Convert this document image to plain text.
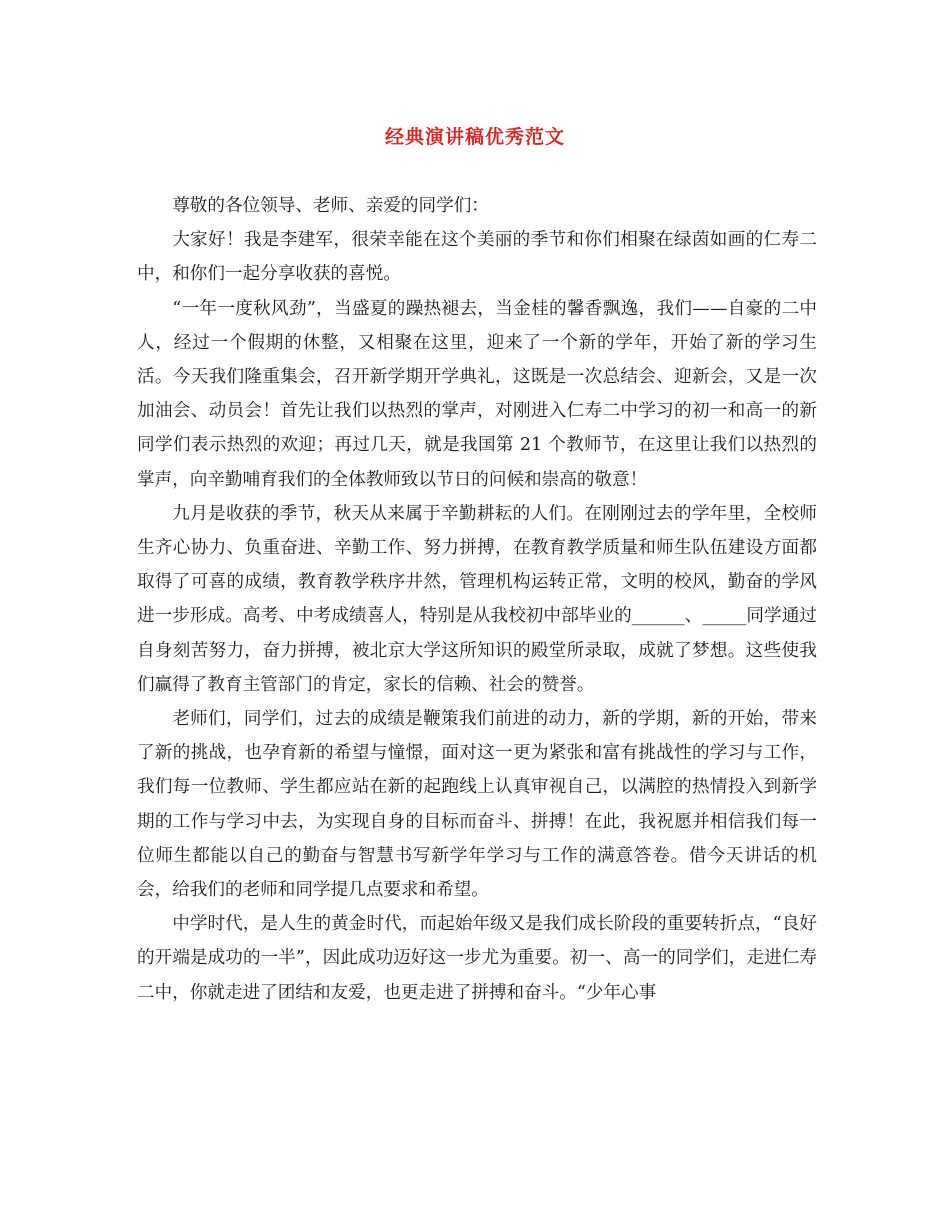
经典演讲稿优秀范文

尊敬的各位领导、老师、亲爱的同学们：

大家好！我是李建军，很荣幸能在这个美丽的季节和你们相聚在绿茵如画的仁寿二中，和你们一起分享收获的喜悦。

“一年一度秋风劲”，当盛夏的躁热褪去，当金桂的馨香飘逸，我们——自豪的二中人，经过一个假期的休整，又相聚在这里，迎来了一个新的学年，开始了新的学习生活。今天我们隆重集会，召开新学期开学典礼，这既是一次总结会、迎新会，又是一次加油会、动员会！首先让我们以热烈的掌声，对刚进入仁寿二中学习的初一和高一的新同学们表示热烈的欢迎；再过几天，就是我国第 21 个教师节，在这里让我们以热烈的掌声，向辛勤哺育我们的全体教师致以节日的问候和崇高的敬意！

九月是收获的季节，秋天从来属于辛勤耕耘的人们。在刚刚过去的学年里，全校师生齐心协力、负重奋进、辛勤工作、努力拼搏，在教育教学质量和师生队伍建设方面都取得了可喜的成绩，教育教学秩序井然，管理机构运转正常，文明的校风，勤奋的学风进一步形成。高考、中考成绩喜人，特别是从我校初中部毕业的______、_____同学通过自身刻苦努力，奋力拼搏，被北京大学这所知识的殿堂所录取，成就了梦想。这些使我们赢得了教育主管部门的肯定，家长的信赖、社会的赞誉。

老师们，同学们，过去的成绩是鞭策我们前进的动力，新的学期，新的开始，带来了新的挑战，也孕育新的希望与憧憬，面对这一更为紧张和富有挑战性的学习与工作，我们每一位教师、学生都应站在新的起跑线上认真审视自己，以满腔的热情投入到新学期的工作与学习中去，为实现自身的目标而奋斗、拼搏！在此，我祝愿并相信我们每一位师生都能以自己的勤奋与智慧书写新学年学习与工作的满意答卷。借今天讲话的机会，给我们的老师和同学提几点要求和希望。

中学时代，是人生的黄金时代，而起始年级又是我们成长阶段的重要转折点，“良好的开端是成功的一半”，因此成功迈好这一步尤为重要。初一、高一的同学们，走进仁寿二中，你就走进了团结和友爱，也更走进了拼搏和奋斗。“少年心事
